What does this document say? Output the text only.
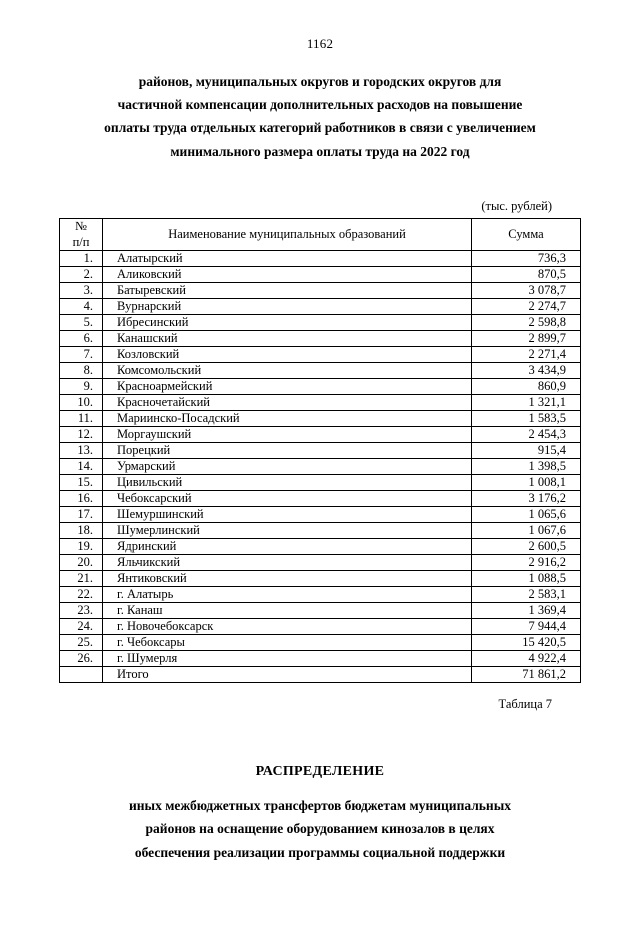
1162
районов, муниципальных округов и городских округов для
частичной компенсации дополнительных расходов на повышение
оплаты труда отдельных категорий работников в связи с увеличением
минимального размера оплаты труда на 2022 год
(тыс. рублей)
№
п/п	Наименование муниципальных образований	Сумма
1.	Алатырский	736,3
2.	Аликовский	870,5
3.	Батыревский	3 078,7
4.	Вурнарский	2 274,7
5.	Ибресинский	2 598,8
6.	Канашский	2 899,7
7.	Козловский	2 271,4
8.	Комсомольский	3 434,9
9.	Красноармейский	860,9
10.	Красночетайский	1 321,1
11.	Мариинско-Посадский	1 583,5
12.	Моргаушский	2 454,3
13.	Порецкий	915,4
14.	Урмарский	1 398,5
15.	Цивильский	1 008,1
16.	Чебоксарский	3 176,2
17.	Шемуршинский	1 065,6
18.	Шумерлинский	1 067,6
19.	Ядринский	2 600,5
20.	Яльчикский	2 916,2
21.	Янтиковский	1 088,5
22.	г. Алатырь	2 583,1
23.	г. Канаш	1 369,4
24.	г. Новочебоксарск	7 944,4
25.	г. Чебоксары	15 420,5
26.	г. Шумерля	4 922,4
	Итого	71 861,2
Таблица 7
РАСПРЕДЕЛЕНИЕ
иных межбюджетных трансфертов бюджетам муниципальных
районов на оснащение оборудованием кинозалов в целях
обеспечения реализации программы социальной поддержки
